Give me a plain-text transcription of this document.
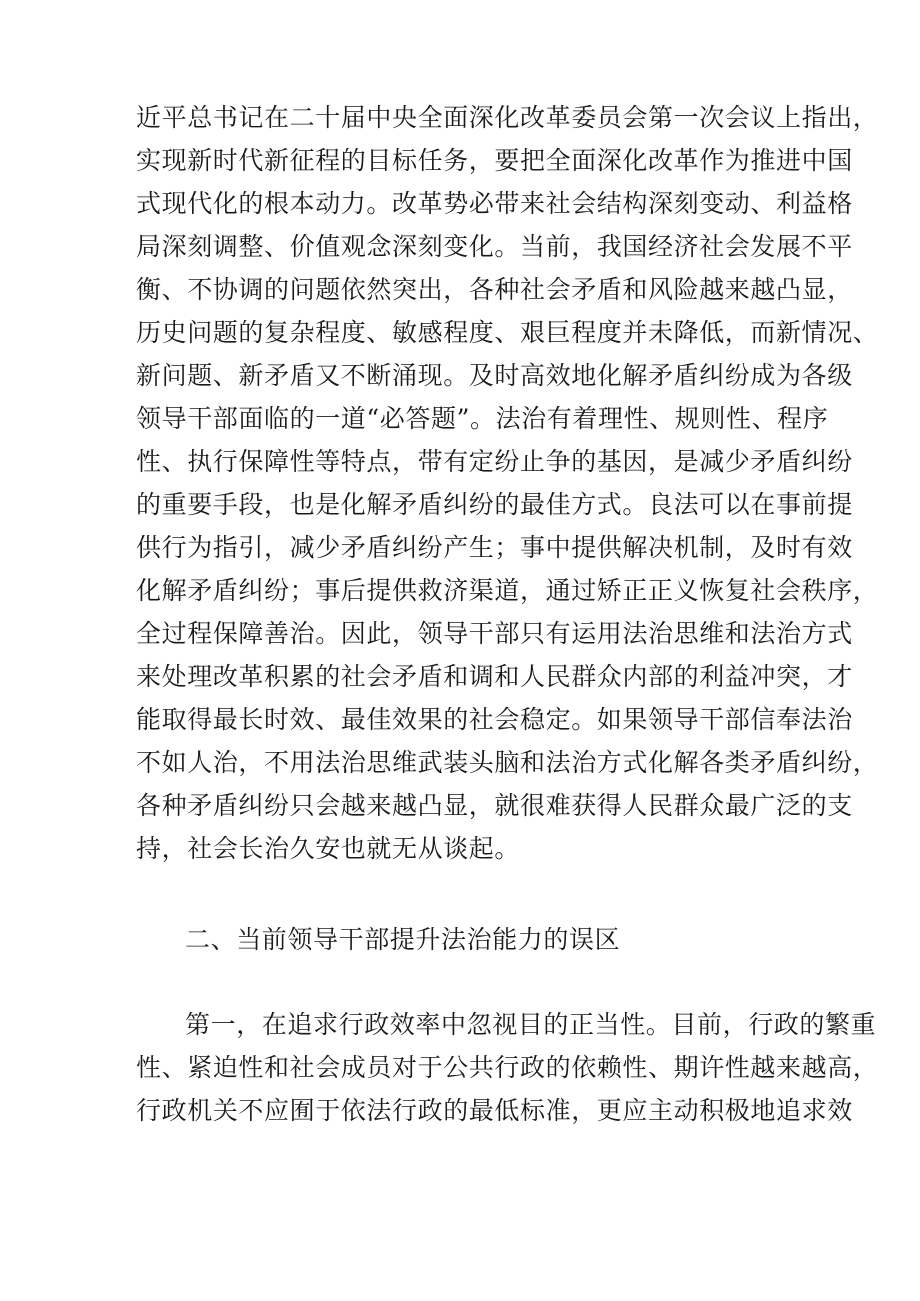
近平总书记在二十届中央全面深化改革委员会第一次会议上指出，
实现新时代新征程的目标任务，要把全面深化改革作为推进中国
式现代化的根本动力。改革势必带来社会结构深刻变动、利益格
局深刻调整、价值观念深刻变化。当前，我国经济社会发展不平
衡、不协调的问题依然突出，各种社会矛盾和风险越来越凸显，
历史问题的复杂程度、敏感程度、艰巨程度并未降低，而新情况、
新问题、新矛盾又不断涌现。及时高效地化解矛盾纠纷成为各级
领导干部面临的一道“必答题”。法治有着理性、规则性、程序
性、执行保障性等特点，带有定纷止争的基因，是减少矛盾纠纷
的重要手段，也是化解矛盾纠纷的最佳方式。良法可以在事前提
供行为指引，减少矛盾纠纷产生；事中提供解决机制，及时有效
化解矛盾纠纷；事后提供救济渠道，通过矫正正义恢复社会秩序，
全过程保障善治。因此，领导干部只有运用法治思维和法治方式
来处理改革积累的社会矛盾和调和人民群众内部的利益冲突，才
能取得最长时效、最佳效果的社会稳定。如果领导干部信奉法治
不如人治，不用法治思维武装头脑和法治方式化解各类矛盾纠纷，
各种矛盾纠纷只会越来越凸显，就很难获得人民群众最广泛的支
持，社会长治久安也就无从谈起。
二、当前领导干部提升法治能力的误区
第一，在追求行政效率中忽视目的正当性。目前，行政的繁重
性、紧迫性和社会成员对于公共行政的依赖性、期许性越来越高，
行政机关不应囿于依法行政的最低标准，更应主动积极地追求效
